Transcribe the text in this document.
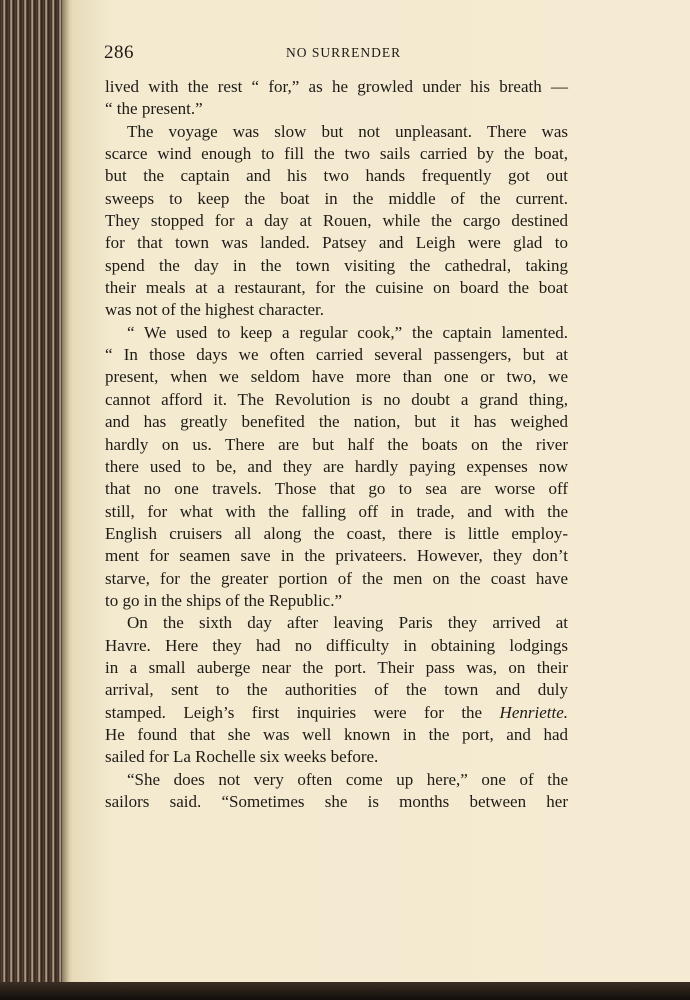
286	NO SURRENDER
lived with the rest “ for,” as he growled under his breath —
“ the present.”
The voyage was slow but not unpleasant. There was
scarce wind enough to fill the two sails carried by the boat,
but the captain and his two hands frequently got out
sweeps to keep the boat in the middle of the current.
They stopped for a day at Rouen, while the cargo destined
for that town was landed. Patsey and Leigh were glad to
spend the day in the town visiting the cathedral, taking
their meals at a restaurant, for the cuisine on board the boat
was not of the highest character.
“ We used to keep a regular cook,” the captain lamented.
“ In those days we often carried several passengers, but at
present, when we seldom have more than one or two, we
cannot afford it. The Revolution is no doubt a grand thing,
and has greatly benefited the nation, but it has weighed
hardly on us. There are but half the boats on the river
there used to be, and they are hardly paying expenses now
that no one travels. Those that go to sea are worse off
still, for what with the falling off in trade, and with the
English cruisers all along the coast, there is little employ-
ment for seamen save in the privateers. However, they don’t
starve, for the greater portion of the men on the coast have
to go in the ships of the Republic.”
On the sixth day after leaving Paris they arrived at
Havre. Here they had no difficulty in obtaining lodgings
in a small auberge near the port. Their pass was, on their
arrival, sent to the authorities of the town and duly
stamped. Leigh’s first inquiries were for the Henriette.
He found that she was well known in the port, and had
sailed for La Rochelle six weeks before.
“She does not very often come up here,” one of the
sailors said. “Sometimes she is months between her
